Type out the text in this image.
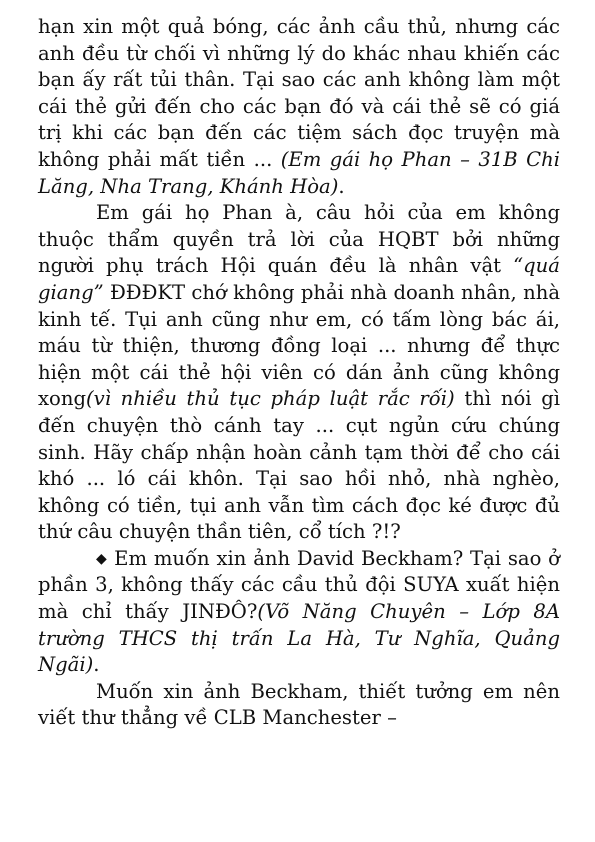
hạn xin một quả bóng, các ảnh cầu thủ, nhưng các anh đều từ chối vì những lý do khác nhau khiến các bạn ấy rất tủi thân. Tại sao các anh không làm một cái thẻ gửi đến cho các bạn đó và cái thẻ sẽ có giá trị khi các bạn đến các tiệm sách đọc truyện mà không phải mất tiền ... (Em gái họ Phan – 31B Chi Lăng, Nha Trang, Khánh Hòa).

Em gái họ Phan à, câu hỏi của em không thuộc thẩm quyền trả lời của HQBT bởi những người phụ trách Hội quán đều là nhân vật “quá giang” ĐĐĐKT chớ không phải nhà doanh nhân, nhà kinh tế. Tụi anh cũng như em, có tấm lòng bác ái, máu từ thiện, thương đồng loại ... nhưng để thực hiện một cái thẻ hội viên có dán ảnh cũng không xong(vì nhiều thủ tục pháp luật rắc rối) thì nói gì đến chuyện thò cánh tay ... cụt ngủn cứu chúng sinh. Hãy chấp nhận hoàn cảnh tạm thời để cho cái khó ... ló cái khôn. Tại sao hồi nhỏ, nhà nghèo, không có tiền, tụi anh vẫn tìm cách đọc ké được đủ thứ câu chuyện thần tiên, cổ tích ?!?

◆ Em muốn xin ảnh David Beckham? Tại sao ở phần 3, không thấy các cầu thủ đội SUYA xuất hiện mà chỉ thấy JINĐÔ?(Võ Năng Chuyên – Lớp 8A trường THCS thị trấn La Hà, Tư Nghĩa, Quảng Ngãi).

Muốn xin ảnh Beckham, thiết tưởng em nên viết thư thẳng về CLB Manchester –
